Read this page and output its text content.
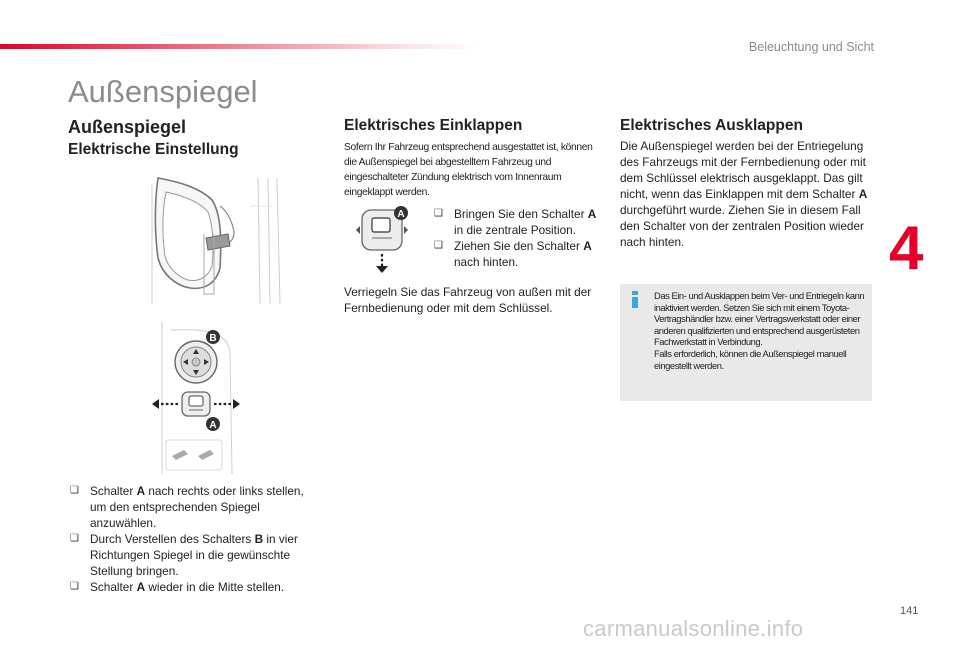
Beleuchtung und Sicht
Außenspiegel
4
Außenspiegel
Elektrische Einstellung
B
A
❑ Schalter A nach rechts oder links stellen, um den entsprechenden Spiegel anzuwählen.
❑ Durch Verstellen des Schalters B in vier Richtungen Spiegel in die gewünschte Stellung bringen.
❑ Schalter A wieder in die Mitte stellen.
Elektrisches Einklappen
Sofern Ihr Fahrzeug entsprechend ausgestattet ist, können die Außenspiegel bei abgestelltem Fahrzeug und eingeschalteter Zündung elektrisch vom Innenraum eingeklappt werden.
A	❑ Bringen Sie den Schalter A in die zentrale Position.
❑ Ziehen Sie den Schalter A nach hinten.
Verriegeln Sie das Fahrzeug von außen mit der Fernbedienung oder mit dem Schlüssel.
Elektrisches Ausklappen
Die Außenspiegel werden bei der Entriegelung des Fahrzeugs mit der Fernbedienung oder mit dem Schlüssel elektrisch ausgeklappt. Das gilt nicht, wenn das Einklappen mit dem Schalter A durchgeführt wurde. Ziehen Sie in diesem Fall den Schalter von der zentralen Position wieder nach hinten.
Das Ein- und Ausklappen beim Ver- und Entriegeln kann inaktiviert werden. Setzen Sie sich mit einem Toyota-Vertragshändler bzw. einer Vertragswerkstatt oder einer anderen qualifizierten und entsprechend ausgerüsteten Fachwerkstatt in Verbindung.
Falls erforderlich, können die Außenspiegel manuell eingestellt werden.
141
carmanualsonline.info
